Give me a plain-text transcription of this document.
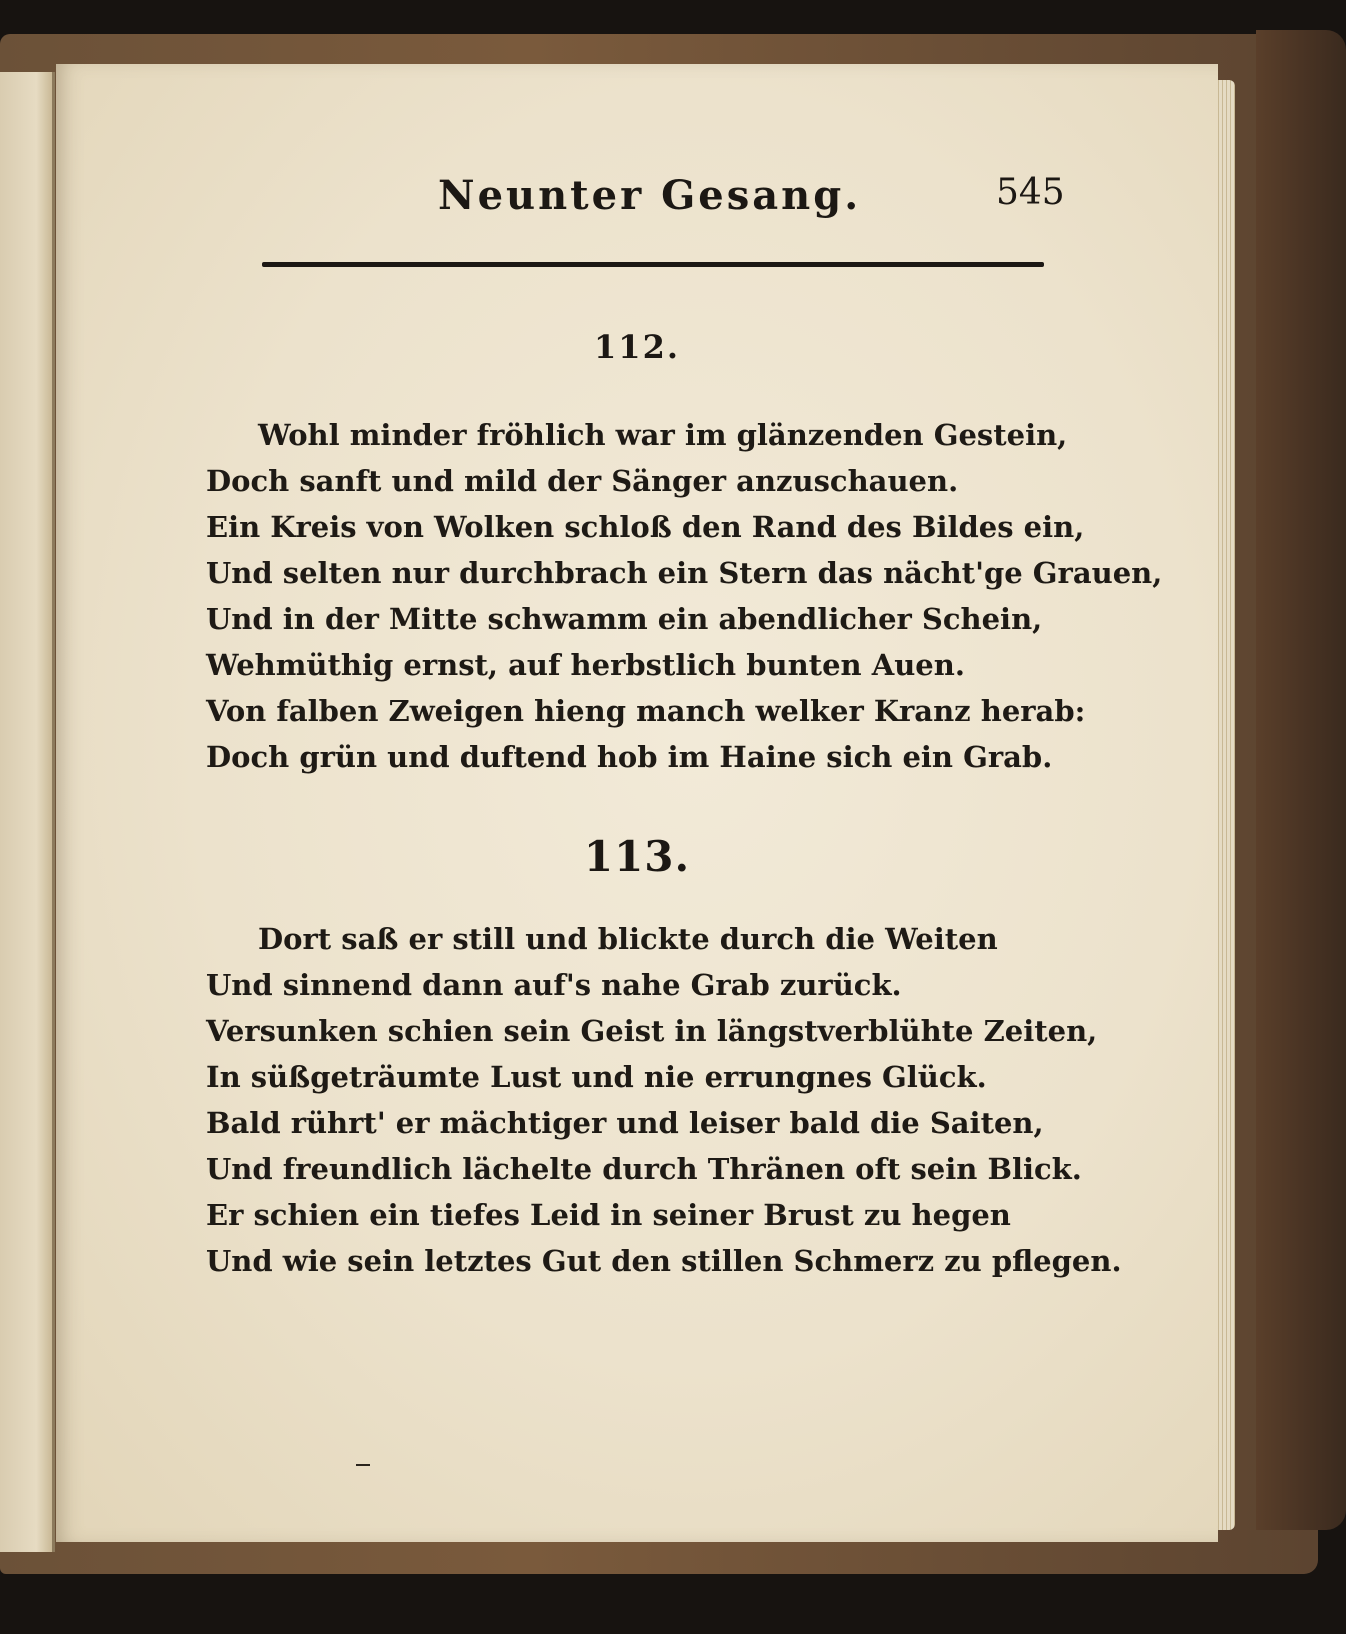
Neunter Gesang.	545
112.
Wohl minder fröhlich war im glänzenden Gestein,
Doch sanft und mild der Sänger anzuschauen.
Ein Kreis von Wolken schloß den Rand des Bildes ein,
Und selten nur durchbrach ein Stern das nächt'ge Grauen,
Und in der Mitte schwamm ein abendlicher Schein,
Wehmüthig ernst, auf herbstlich bunten Auen.
Von falben Zweigen hieng manch welker Kranz herab:
Doch grün und duftend hob im Haine sich ein Grab.
113.
Dort saß er still und blickte durch die Weiten
Und sinnend dann auf's nahe Grab zurück.
Versunken schien sein Geist in längstverblühte Zeiten,
In süßgeträumte Lust und nie errungnes Glück.
Bald rührt' er mächtiger und leiser bald die Saiten,
Und freundlich lächelte durch Thränen oft sein Blick.
Er schien ein tiefes Leid in seiner Brust zu hegen
Und wie sein letztes Gut den stillen Schmerz zu pflegen.
